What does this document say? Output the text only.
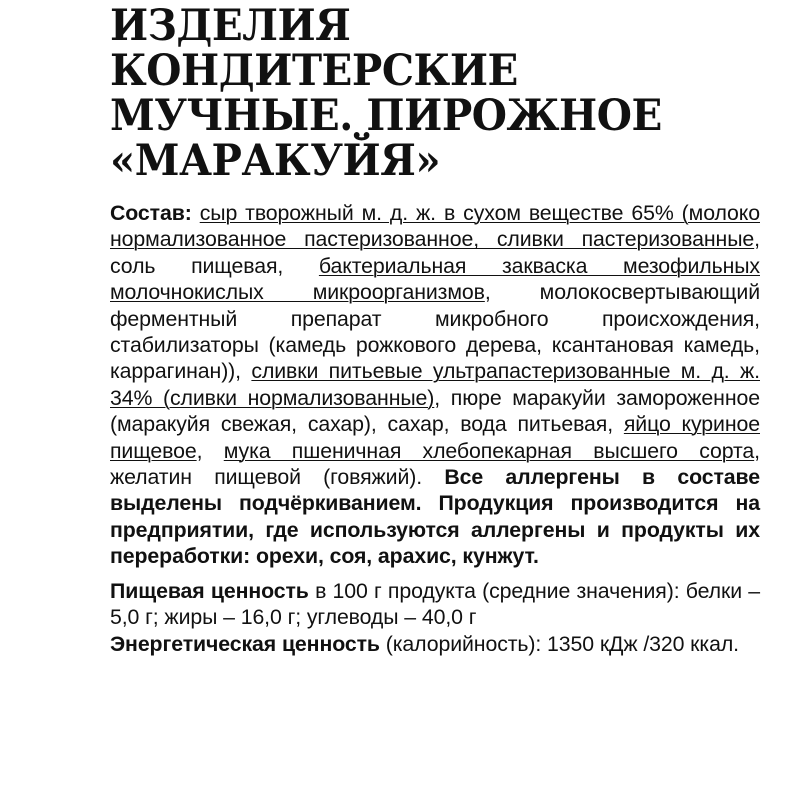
ИЗДЕЛИЯ
КОНДИТЕРСКИЕ
МУЧНЫЕ. ПИРОЖНОЕ
«МАРАКУЙЯ»
Состав: сыр творожный м. д. ж. в сухом веществе 65% (молоко нормализованное пастеризованное, сливки пастеризованные, соль пищевая, бактериальная закваска мезофильных молочнокислых микроорганизмов, молокосвертывающий ферментный препарат микробного происхождения, стабилизаторы (камедь рожкового дерева, ксантановая камедь, каррагинан)), сливки питьевые ультрапастеризованные м. д. ж. 34% (сливки нормализованные), пюре маракуйи замороженное (маракуйя свежая, сахар), сахар, вода питьевая, яйцо куриное пищевое, мука пшеничная хлебопекарная высшего сорта, желатин пищевой (говяжий). Все аллергены в составе выделены подчёркиванием. Продукция производится на предприятии, где используются аллергены и продукты их переработки: орехи, соя, арахис, кунжут.
Пищевая ценность в 100 г продукта (средние значения): белки – 5,0 г; жиры – 16,0 г; углеводы – 40,0 г
Энергетическая ценность (калорийность): 1350 кДж /320 ккал.
